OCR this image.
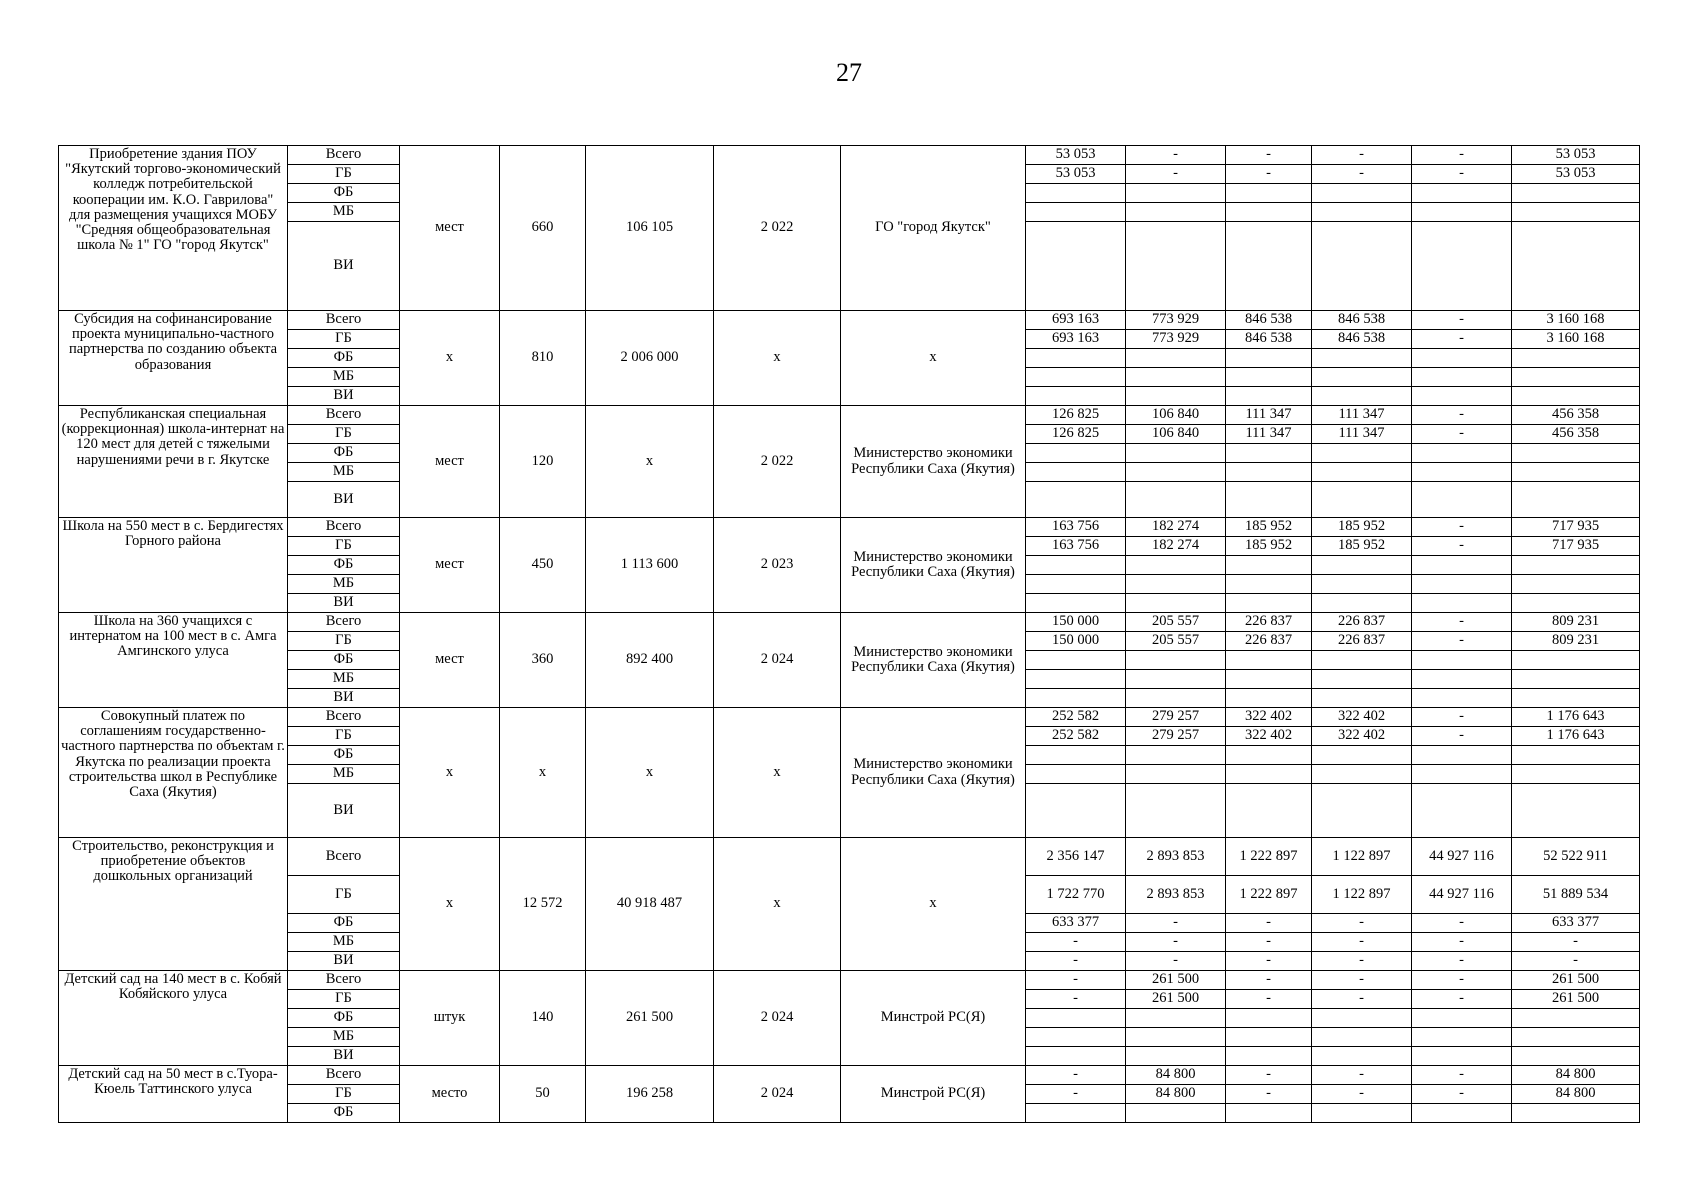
27
Приобретение здания ПОУ "Якутский торгово-экономический колледж потребительской кооперации им. К.О. Гаврилова" для размещения учащихся МОБУ "Средняя общеобразовательная школа № 1" ГО "город Якутск"	Всего	мест	660	106 105	2 022	ГО "город Якутск"	53 053	-	-	-	-	53 053
	ГБ						53 053	-	-	-	-	53 053
	ФБ											
	МБ											
	ВИ											
Субсидия на софинансирование проекта муниципально-частного партнерства по созданию объекта образования	Всего	х	810	2 006 000	х	х	693 163	773 929	846 538	846 538	-	3 160 168
	ГБ						693 163	773 929	846 538	846 538	-	3 160 168
	ФБ											
	МБ											
	ВИ											
Республиканская специальная (коррекционная) школа-интернат на 120 мест для детей с тяжелыми нарушениями речи в г. Якутске	Всего	мест	120	х	2 022	Министерство экономики Республики Саха (Якутия)	126 825	106 840	111 347	111 347	-	456 358
	ГБ						126 825	106 840	111 347	111 347	-	456 358
	ФБ											
	МБ											
	ВИ											
Школа на 550 мест в с. Бердигестях Горного района	Всего	мест	450	1 113 600	2 023	Министерство экономики Республики Саха (Якутия)	163 756	182 274	185 952	185 952	-	717 935
	ГБ						163 756	182 274	185 952	185 952	-	717 935
	ФБ											
	МБ											
	ВИ											
Школа на 360 учащихся с интернатом на 100 мест в с. Амга Амгинского улуса	Всего	мест	360	892 400	2 024	Министерство экономики Республики Саха (Якутия)	150 000	205 557	226 837	226 837	-	809 231
	ГБ						150 000	205 557	226 837	226 837	-	809 231
	ФБ											
	МБ											
	ВИ											
Совокупный платеж по соглашениям государственно-частного партнерства по объектам г. Якутска по реализации проекта строительства школ в Республике Саха (Якутия)	Всего	х	х	х	х	Министерство экономики Республики Саха (Якутия)	252 582	279 257	322 402	322 402	-	1 176 643
	ГБ						252 582	279 257	322 402	322 402	-	1 176 643
	ФБ											
	МБ											
	ВИ											
Строительство, реконструкция и приобретение объектов дошкольных организаций	Всего	х	12 572	40 918 487	х	х	2 356 147	2 893 853	1 222 897	1 122 897	44 927 116	52 522 911
	ГБ						1 722 770	2 893 853	1 222 897	1 122 897	44 927 116	51 889 534
	ФБ						633 377	-	-	-	-	633 377
	МБ						-	-	-	-	-	-
	ВИ						-	-	-	-	-	-
Детский сад на 140 мест в с. Кобяй Кобяйского улуса	Всего	штук	140	261 500	2 024	Минстрой РС(Я)	-	261 500	-	-	-	261 500
	ГБ						-	261 500	-	-	-	261 500
	ФБ											
	МБ											
	ВИ											
Детский сад на 50 мест в с.Туора-Кюель Таттинского улуса	Всего	место	50	196 258	2 024	Минстрой РС(Я)	-	84 800	-	-	-	84 800
	ГБ						-	84 800	-	-	-	84 800
	ФБ											
